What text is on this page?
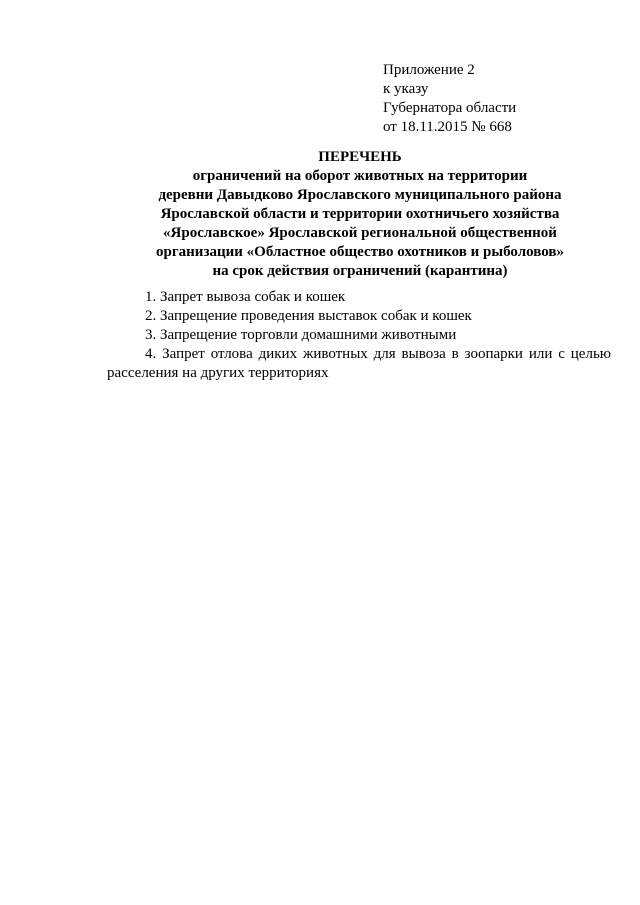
Приложение 2
к указу
Губернатора области
от 18.11.2015 № 668
ПЕРЕЧЕНЬ
ограничений на оборот животных на территории
деревни Давыдково Ярославского муниципального района
Ярославской области и территории охотничьего хозяйства
«Ярославское» Ярославской региональной общественной
организации «Областное общество охотников и рыболовов»
на срок действия ограничений (карантина)
1. Запрет вывоза собак и кошек
2. Запрещение проведения выставок собак и кошек
3. Запрещение торговли домашними животными
4. Запрет отлова диких животных для вывоза в зоопарки или с целью
расселения на других территориях
